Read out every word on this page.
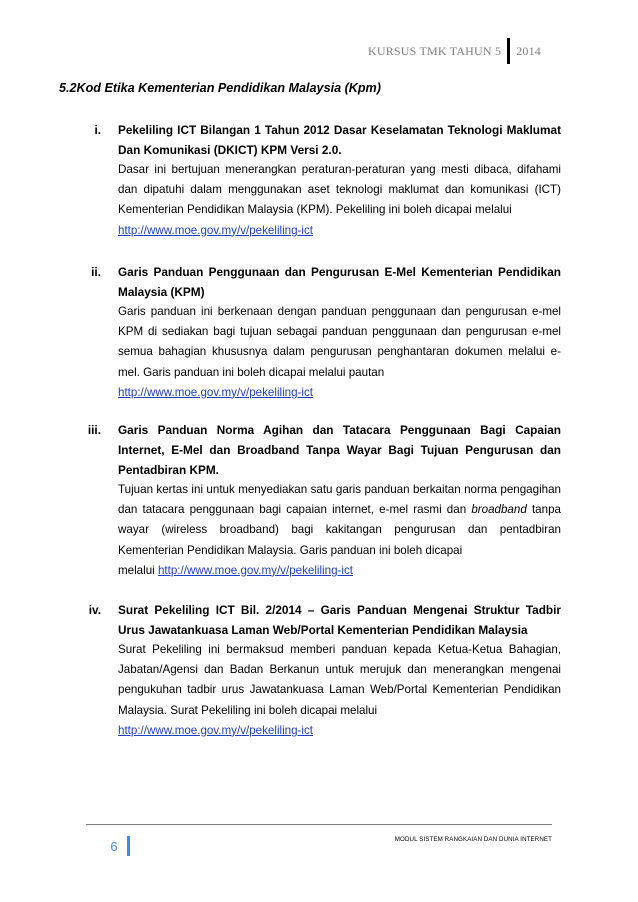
KURSUS TMK TAHUN 5	2014
5.2Kod Etika Kementerian Pendidikan Malaysia (Kpm)
i. Pekeliling ICT Bilangan 1 Tahun 2012 Dasar Keselamatan Teknologi Maklumat Dan Komunikasi (DKICT) KPM Versi 2.0.
Dasar ini bertujuan menerangkan peraturan-peraturan yang mesti dibaca, difahami dan dipatuhi dalam menggunakan aset teknologi maklumat dan komunikasi (ICT) Kementerian Pendidikan Malaysia (KPM). Pekeliling ini boleh dicapai melalui
http://www.moe.gov.my/v/pekeliling-ict
ii. Garis Panduan Penggunaan dan Pengurusan E-Mel Kementerian Pendidikan Malaysia (KPM)
Garis panduan ini berkenaan dengan panduan penggunaan dan pengurusan e-mel KPM di sediakan bagi tujuan sebagai panduan penggunaan dan pengurusan e-mel semua bahagian khususnya dalam pengurusan penghantaran dokumen melalui e-mel. Garis panduan ini boleh dicapai melalui pautan
http://www.moe.gov.my/v/pekeliling-ict
iii. Garis Panduan Norma Agihan dan Tatacara Penggunaan Bagi Capaian Internet, E-Mel dan Broadband Tanpa Wayar Bagi Tujuan Pengurusan dan Pentadbiran KPM.
Tujuan kertas ini untuk menyediakan satu garis panduan berkaitan norma pengagihan dan tatacara penggunaan bagi capaian internet, e-mel rasmi dan broadband tanpa wayar (wireless broadband) bagi kakitangan pengurusan dan pentadbiran Kementerian Pendidikan Malaysia. Garis panduan ini boleh dicapai
melalui http://www.moe.gov.my/v/pekeliling-ict
iv. Surat Pekeliling ICT Bil. 2/2014 – Garis Panduan Mengenai Struktur Tadbir Urus Jawatankuasa Laman Web/Portal Kementerian Pendidikan Malaysia
Surat Pekeliling ini bermaksud memberi panduan kepada Ketua-Ketua Bahagian, Jabatan/Agensi dan Badan Berkanun untuk merujuk dan menerangkan mengenai pengukuhan tadbir urus Jawatankuasa Laman Web/Portal Kementerian Pendidikan Malaysia. Surat Pekeliling ini boleh dicapai melalui
http://www.moe.gov.my/v/pekeliling-ict
6	MODUL SISTEM RANGKAIAN DAN DUNIA INTERNET
